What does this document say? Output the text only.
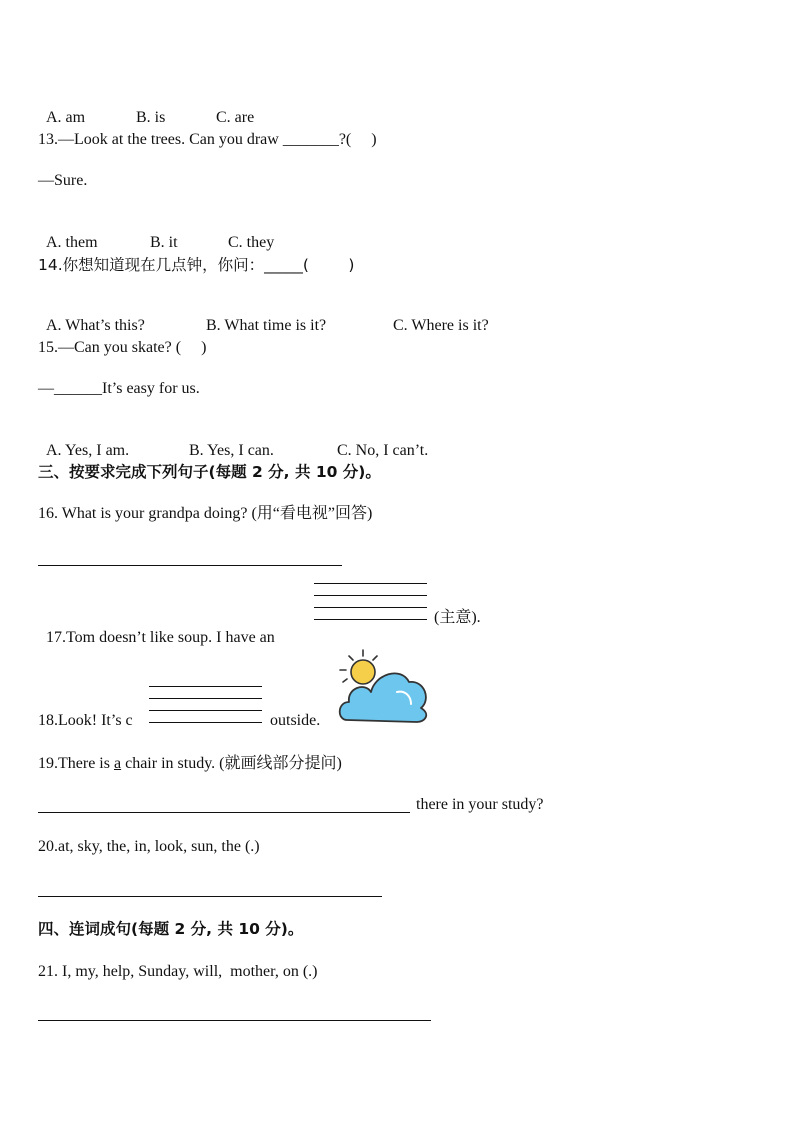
A. am	B. is	C. are

13.—Look at the trees. Can you draw _______?(     )
—Sure.

A. them	B. it	C. they

14.你想知道现在几点钟，你问：_____(        )

A. What’s this?	B. What time is it?	C. Where is it?

15.—Can you skate? (     )
—______It’s easy for us.

A. Yes, I am.	B. Yes, I can.	C. No, I can’t.

三、按要求完成下列句子(每题 2 分, 共 10 分)。
16. What is your grandpa doing? (用“看电视”回答)

17.Tom doesn’t like soup. I have an

(主意).
18.Look! It’s c	outside.
19.There is a chair in study. (就画线部分提问)
there in your study?
20.at, sky, the, in, look, sun, the (.)
四、连词成句(每题 2 分, 共 10 分)。
21. I, my, help, Sunday, will,  mother, on (.)
